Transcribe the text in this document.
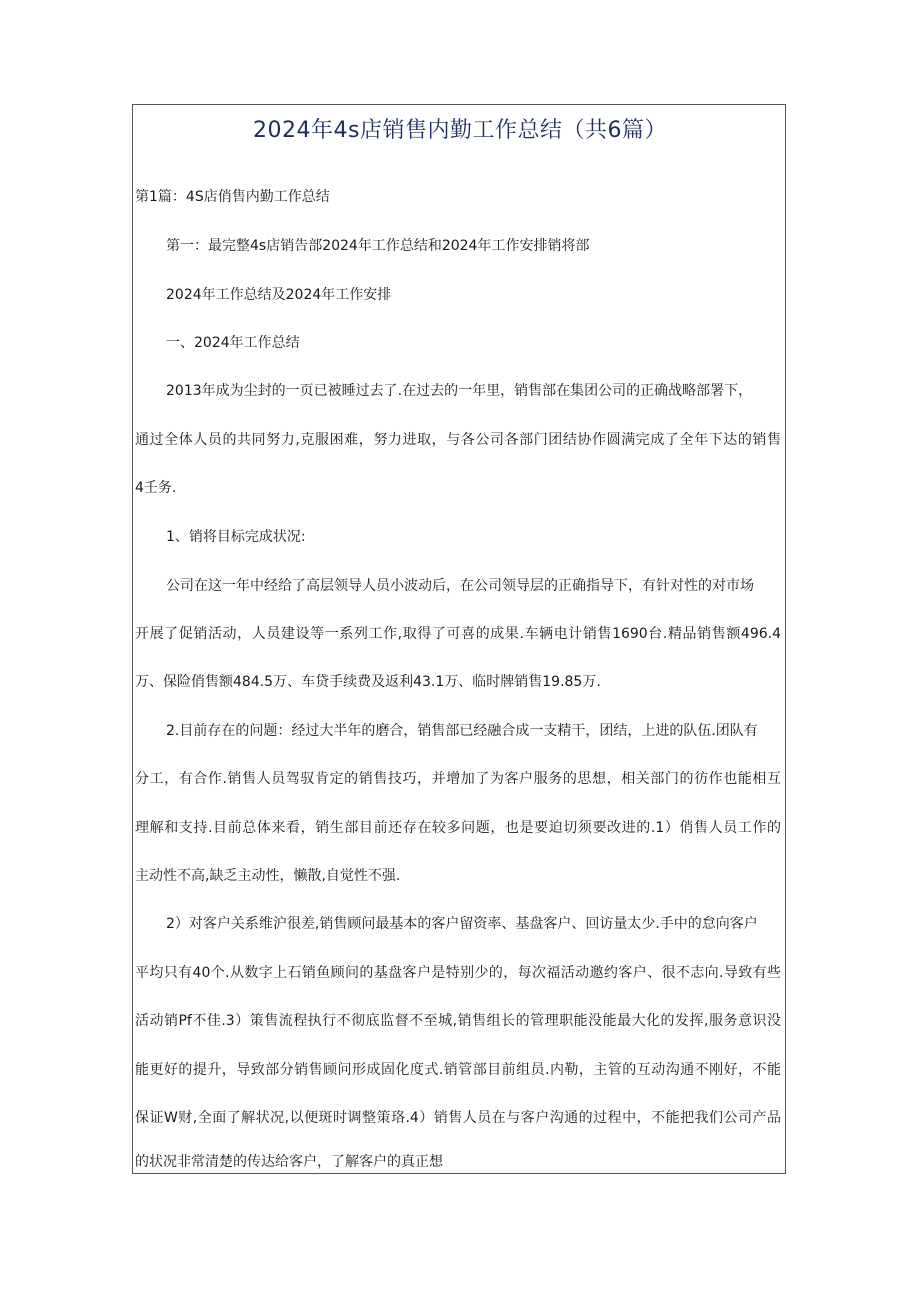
2024年4s店销售内勤工作总结（共6篇）
第1篇：4S店俏售内勤工作总结
第一：最完整4s店销告部2024年工作总结和2024年工作安排销将部
2024年工作总结及2024年工作安排
一、2024年工作总结
2013年成为尘封的一页已被睡过去了.在过去的一年里，销售部在集团公司的正确战略部署下，
通过全体人员的共同努力,克服困难，努力进取，与各公司各部门团结协作圆满完成了全年下达的销售
4壬务.
1、销将目标完成状况:
公司在这一年中经给了高层领导人员小波动后，在公司领导层的正确指导下，有针对性的对市场
开展了促销活动，人员建设等一系列工作,取得了可喜的成果.车辆电计销售1690台.精品销售额496.4
万、保险俏售额484.5万、车贷手续费及返利43.1万、临时牌销售19.85万.
2.目前存在的问题：经过大半年的磨合，销售部已经融合成一支精干，团结，上进的队伍.团队有
分工，有合作.销售人员驾驭肯定的销售技巧，并增加了为客户服务的思想，相关部门的彷作也能相互
理解和支持.目前总体来看，销生部目前还存在较多问题，也是要迫切须要改进的.1）俏售人员工作的
主动性不高,缺乏主动性，懒散,自觉性不强.
2）对客户关系维沪很差,销售顾问最基本的客户留资率、基盘客户、回访量太少.手中的怠向客户
平均只有40个.从数字上石销鱼顾问的基盘客户是特别少的，每次福活动邀约客户、很不志向.导致有些
活动销Pf不佳.3）策售流程执行不彻底监督不至城,销售组长的管理职能没能最大化的发挥,服务意识没
能更好的提升，导致部分销售顾问形成固化度式.销管部目前组员.内勒，主管的互动沟通不刚好，不能
保证W财,全面了解状况,以便斑时调整策珞.4）销售人员在与客户沟通的过程中，不能把我们公司产品
的状况非常清楚的传达给客户，了解客户的真正想
